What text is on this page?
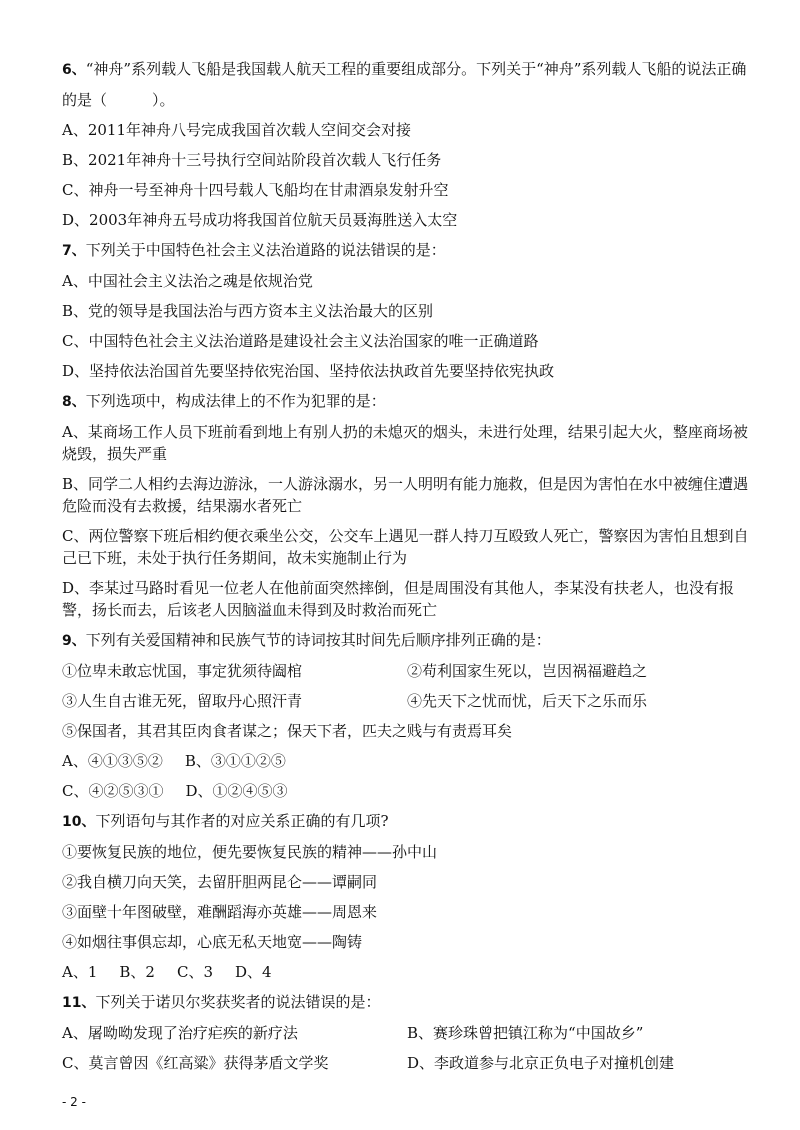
6、“神舟”系列载人飞船是我国载人航天工程的重要组成部分。下列关于“神舟”系列载人飞船的说法正确
的是（　　　）。
A、2011年神舟八号完成我国首次载人空间交会对接
B、2021年神舟十三号执行空间站阶段首次载人飞行任务
C、神舟一号至神舟十四号载人飞船均在甘肃酒泉发射升空
D、2003年神舟五号成功将我国首位航天员聂海胜送入太空
7、下列关于中国特色社会主义法治道路的说法错误的是：
A、中国社会主义法治之魂是依规治党
B、党的领导是我国法治与西方资本主义法治最大的区别
C、中国特色社会主义法治道路是建设社会主义法治国家的唯一正确道路
D、坚持依法治国首先要坚持依宪治国、坚持依法执政首先要坚持依宪执政
8、下列选项中，构成法律上的不作为犯罪的是：
A、某商场工作人员下班前看到地上有别人扔的未熄灭的烟头，未进行处理，结果引起大火，整座商场被烧毁，损失严重
B、同学二人相约去海边游泳，一人游泳溺水，另一人明明有能力施救，但是因为害怕在水中被缠住遭遇危险而没有去救援，结果溺水者死亡
C、两位警察下班后相约便衣乘坐公交，公交车上遇见一群人持刀互殴致人死亡，警察因为害怕且想到自己已下班，未处于执行任务期间，故未实施制止行为
D、李某过马路时看见一位老人在他前面突然摔倒，但是周围没有其他人，李某没有扶老人，也没有报警，扬长而去，后该老人因脑溢血未得到及时救治而死亡
9、下列有关爱国精神和民族气节的诗词按其时间先后顺序排列正确的是：
①位卑未敢忘忧国，事定犹须待阖棺	②苟利国家生死以，岂因祸福避趋之
③人生自古谁无死，留取丹心照汗青	④先天下之忧而忧，后天下之乐而乐
⑤保国者，其君其臣肉食者谋之；保天下者，匹夫之贱与有责焉耳矣
A、④①③⑤② B、③①①②⑤
C、④②⑤③① D、①②④⑤③
10、下列语句与其作者的对应关系正确的有几项?
①要恢复民族的地位，便先要恢复民族的精神——孙中山
②我自横刀向天笑，去留肝胆两昆仑——谭嗣同
③面壁十年图破壁，难酬蹈海亦英雄——周恩来
④如烟往事俱忘却，心底无私天地宽——陶铸
A、1 B、2 C、3 D、4
11、下列关于诺贝尔奖获奖者的说法错误的是：
A、屠呦呦发现了治疗疟疾的新疗法	B、赛珍珠曾把镇江称为“中国故乡”
C、莫言曾因《红高粱》获得茅盾文学奖	D、李政道参与北京正负电子对撞机创建
- 2 -
